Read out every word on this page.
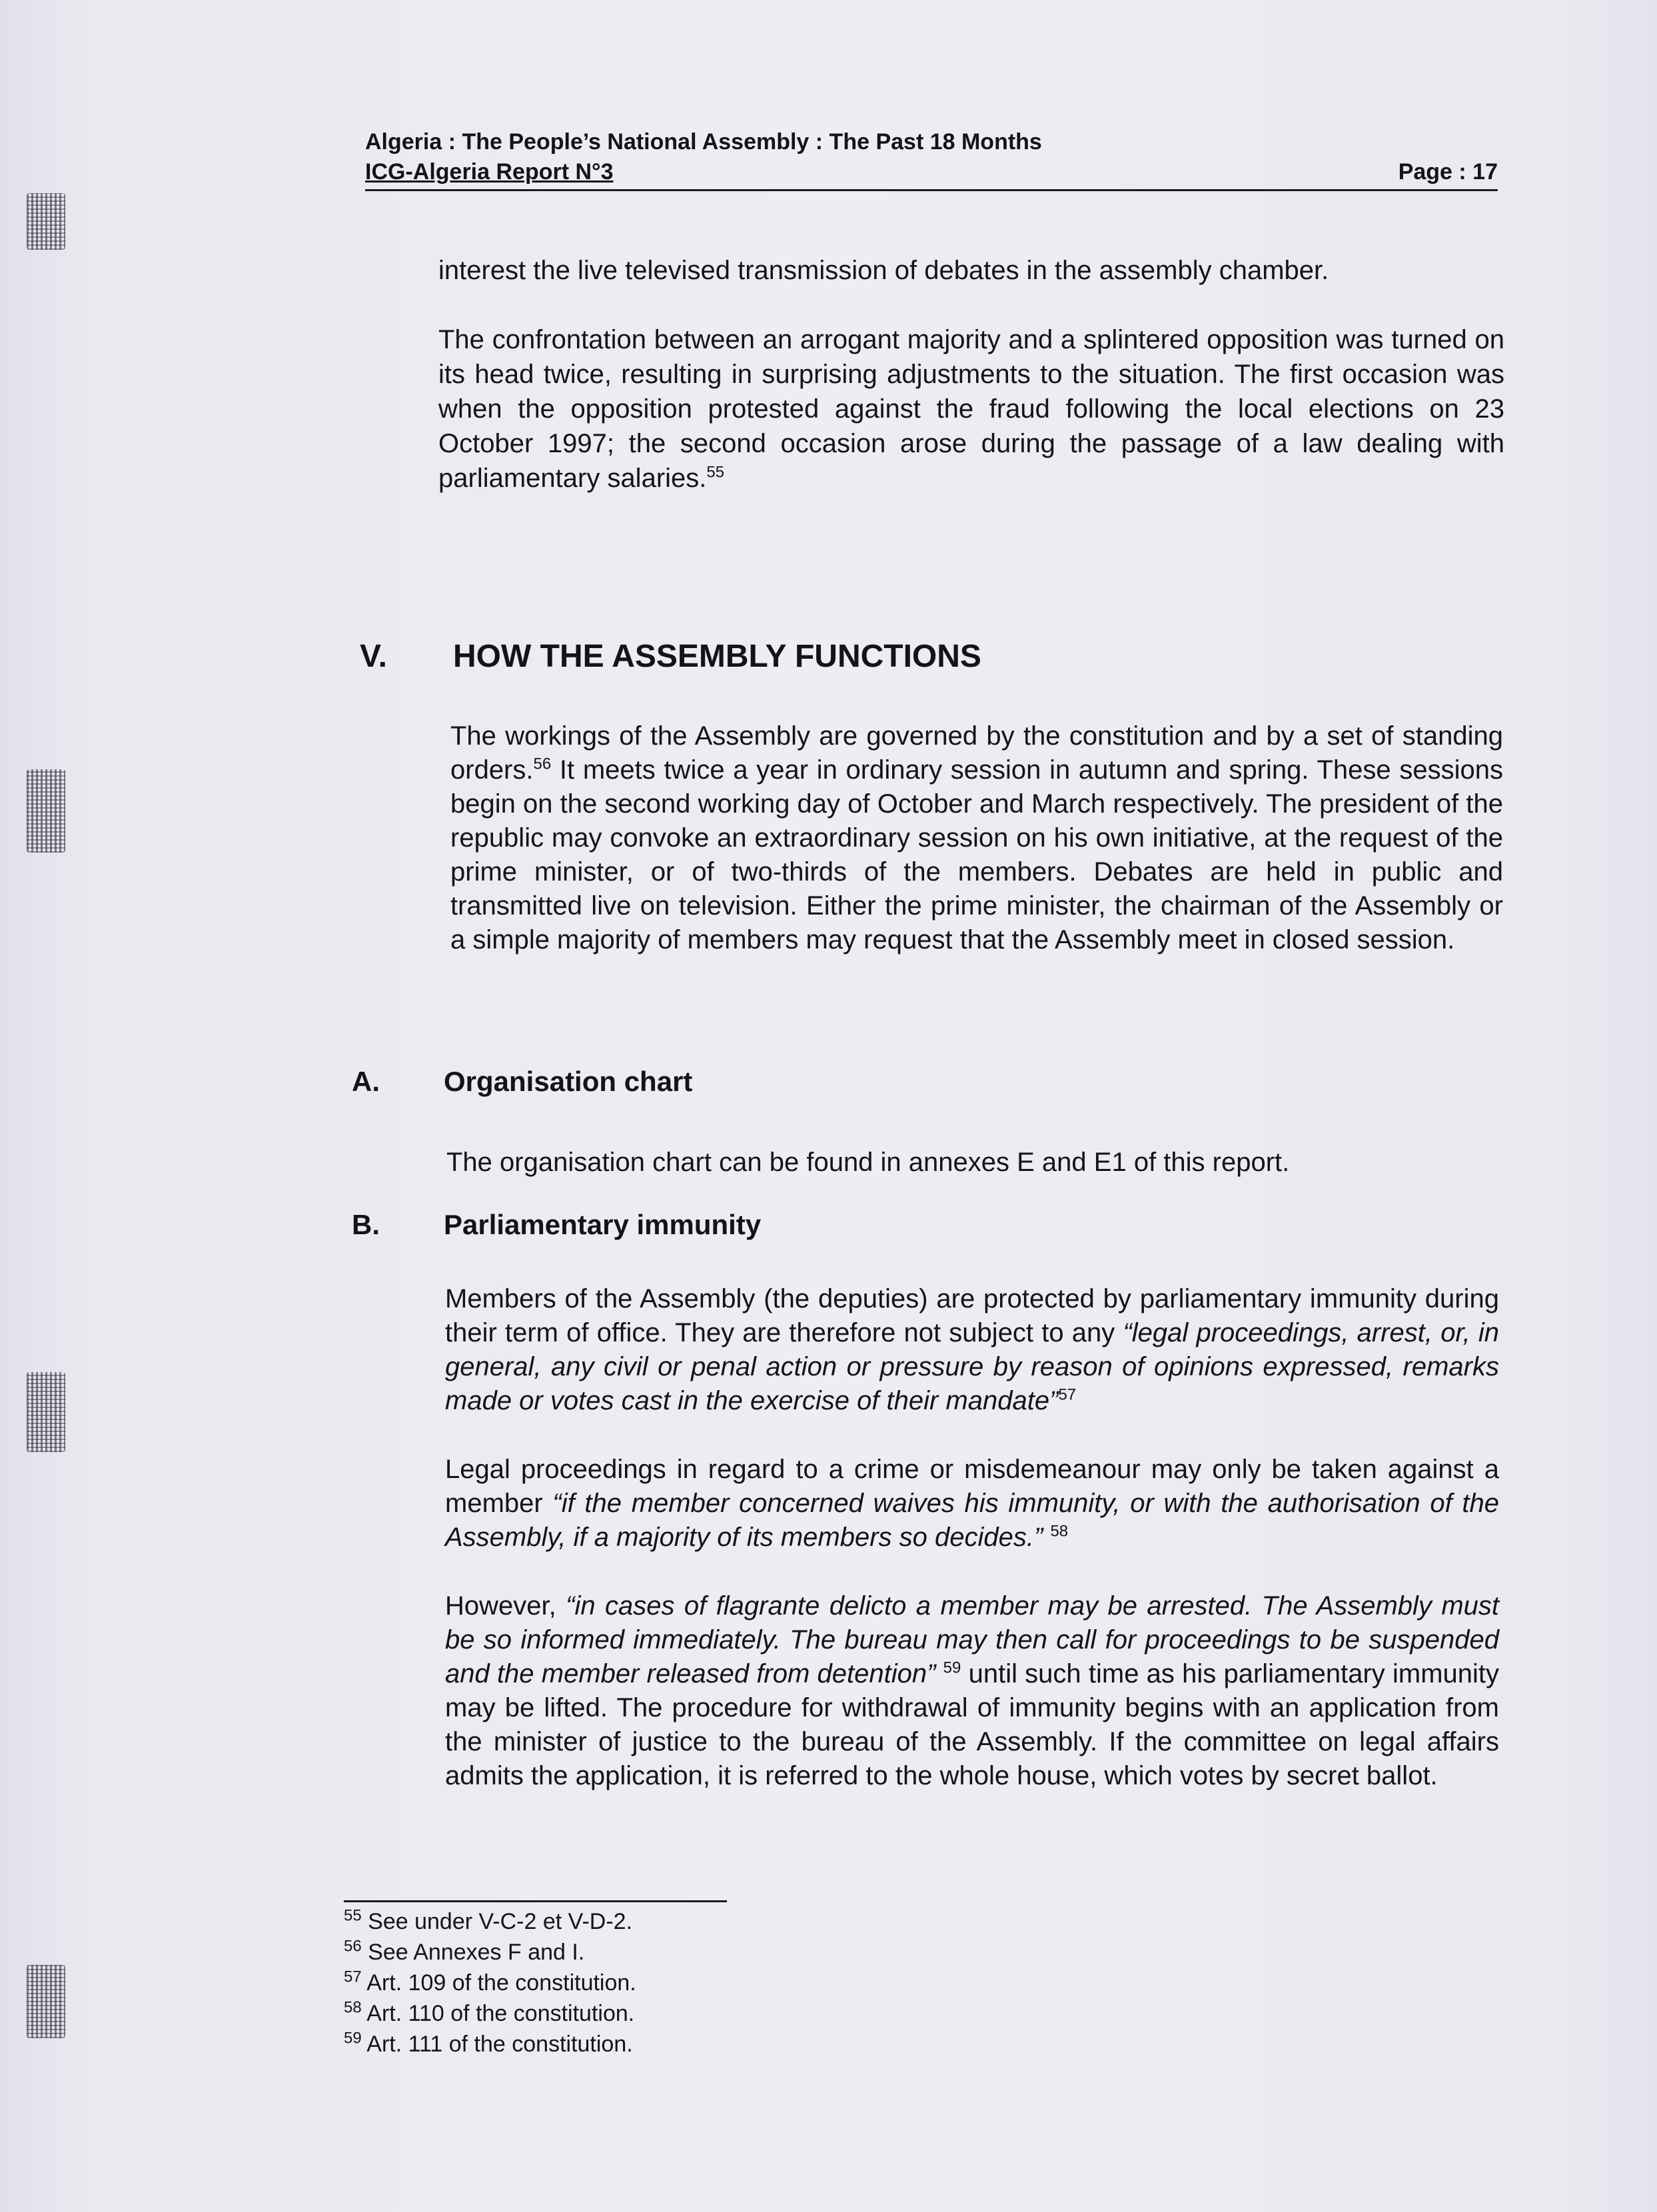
Algeria : The People’s National Assembly : The Past 18 Months
ICG-Algeria Report N°3	Page : 17

interest the live televised transmission of debates in the assembly chamber.

The confrontation between an arrogant majority and a splintered opposition was turned on its head twice, resulting in surprising adjustments to the situation. The first occasion was when the opposition protested against the fraud following the local elections on 23 October 1997; the second occasion arose during the passage of a law dealing with parliamentary salaries.$^{55}$

V.	HOW THE ASSEMBLY FUNCTIONS

The workings of the Assembly are governed by the constitution and by a set of standing orders.$^{56}$ It meets twice a year in ordinary session in autumn and spring. These sessions begin on the second working day of October and March respectively. The president of the republic may convoke an extraordinary session on his own initiative, at the request of the prime minister, or of two-thirds of the members. Debates are held in public and transmitted live on television. Either the prime minister, the chairman of the Assembly or a simple majority of members may request that the Assembly meet in closed session.

A.	Organisation chart

The organisation chart can be found in annexes E and E1 of this report.

B.	Parliamentary immunity

Members of the Assembly (the deputies) are protected by parliamentary immunity during their term of office. They are therefore not subject to any “legal proceedings, arrest, or, in general, any civil or penal action or pressure by reason of opinions expressed, remarks made or votes cast in the exercise of their mandate”$^{57}$

Legal proceedings in regard to a crime or misdemeanour may only be taken against a member “if the member concerned waives his immunity, or with the authorisation of the Assembly, if a majority of its members so decides.” $^{58}$

However, “in cases of flagrante delicto a member may be arrested. The Assembly must be so informed immediately. The bureau may then call for proceedings to be suspended and the member released from detention” $^{59}$ until such time as his parliamentary immunity may be lifted. The procedure for withdrawal of immunity begins with an application from the minister of justice to the bureau of the Assembly. If the committee on legal affairs admits the application, it is referred to the whole house, which votes by secret ballot.

$^{55}$ See under V-C-2 et V-D-2.
$^{56}$ See Annexes F and I.
$^{57}$ Art. 109 of the constitution.
$^{58}$ Art. 110 of the constitution.
$^{59}$ Art. 111 of the constitution.
